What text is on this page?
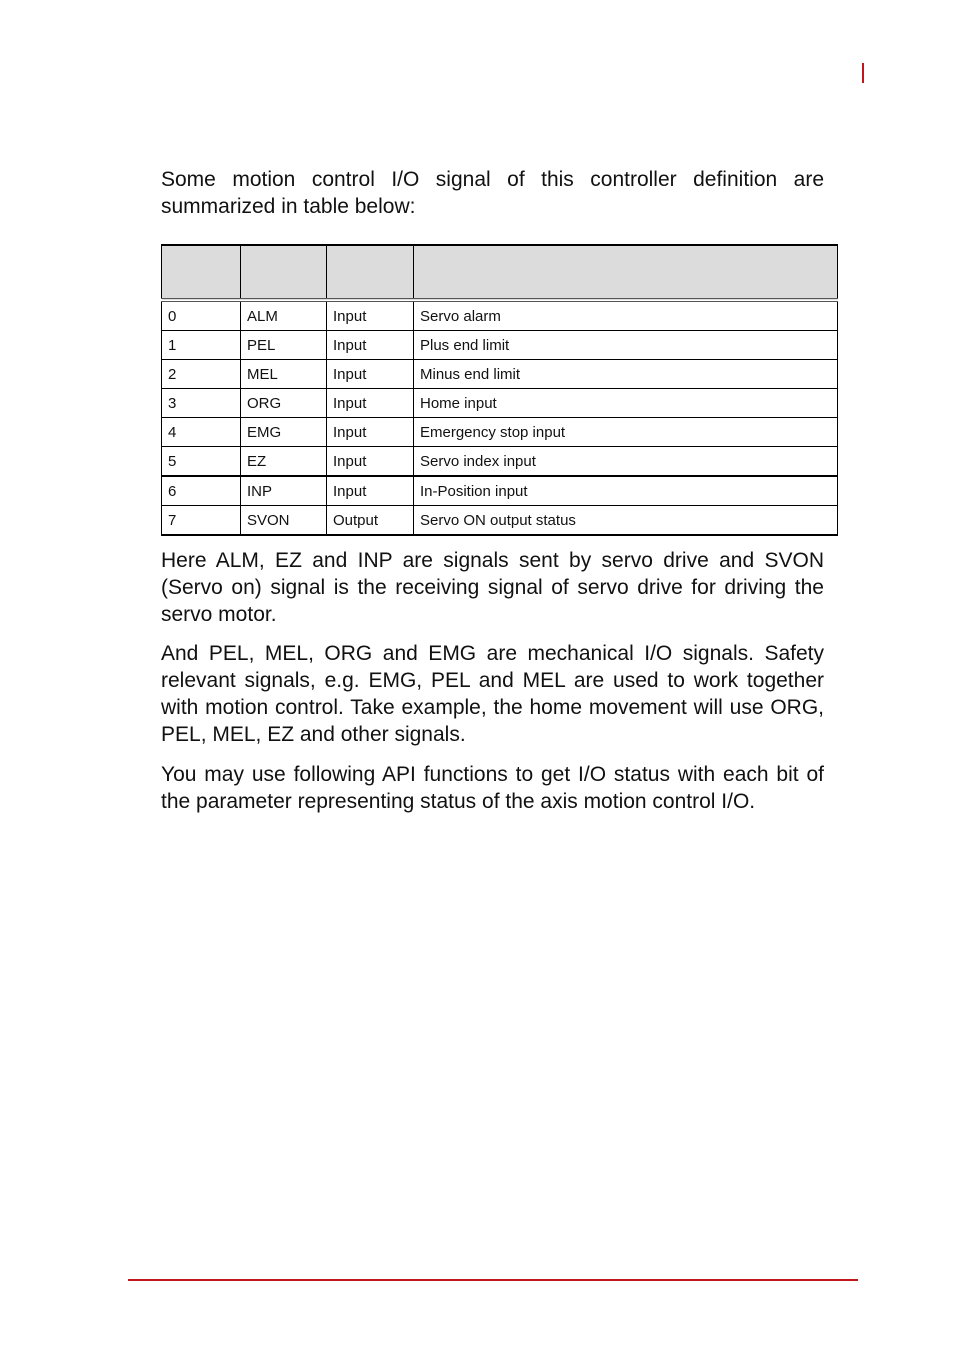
Some motion control I/O signal of this controller definition are summarized in table below:

0	ALM	Input	Servo alarm
1	PEL	Input	Plus end limit
2	MEL	Input	Minus end limit
3	ORG	Input	Home input
4	EMG	Input	Emergency stop input
5	EZ	Input	Servo index input
6	INP	Input	In-Position input
7	SVON	Output	Servo ON output status

Here ALM, EZ and INP are signals sent by servo drive and SVON (Servo on) signal is the receiving signal of servo drive for driving the servo motor.

And PEL, MEL, ORG and EMG are mechanical I/O signals. Safety relevant signals, e.g. EMG, PEL and MEL are used to work together with motion control. Take example, the home movement will use ORG, PEL, MEL, EZ and other signals.

You may use following API functions to get I/O status with each bit of the parameter representing status of the axis motion control I/O.
